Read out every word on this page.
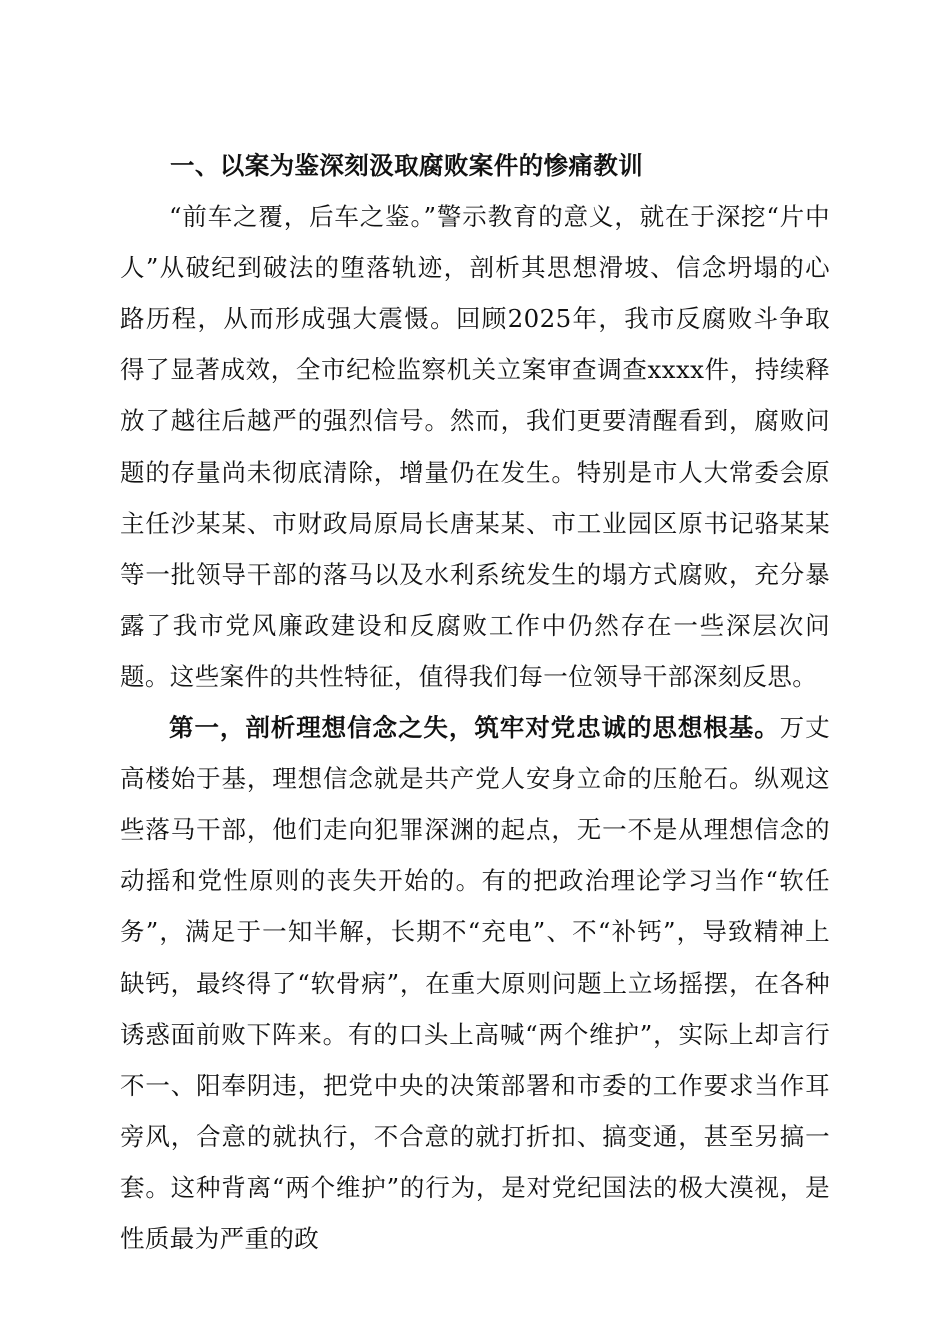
一、以案为鉴深刻汲取腐败案件的惨痛教训

“前车之覆，后车之鉴。”警示教育的意义，就在于深挖“片中人”从破纪到破法的堕落轨迹，剖析其思想滑坡、信念坍塌的心路历程，从而形成强大震慑。回顾2025年，我市反腐败斗争取得了显著成效，全市纪检监察机关立案审查调查xxxx件，持续释放了越往后越严的强烈信号。然而，我们更要清醒看到，腐败问题的存量尚未彻底清除，增量仍在发生。特别是市人大常委会原主任沙某某、市财政局原局长唐某某、市工业园区原书记骆某某等一批领导干部的落马以及水利系统发生的塌方式腐败，充分暴露了我市党风廉政建设和反腐败工作中仍然存在一些深层次问题。这些案件的共性特征，值得我们每一位领导干部深刻反思。

第一，剖析理想信念之失，筑牢对党忠诚的思想根基。万丈高楼始于基，理想信念就是共产党人安身立命的压舱石。纵观这些落马干部，他们走向犯罪深渊的起点，无一不是从理想信念的动摇和党性原则的丧失开始的。有的把政治理论学习当作“软任务”，满足于一知半解，长期不“充电”、不“补钙”，导致精神上缺钙，最终得了“软骨病”，在重大原则问题上立场摇摆，在各种诱惑面前败下阵来。有的口头上高喊“两个维护”，实际上却言行不一、阳奉阴违，把党中央的决策部署和市委的工作要求当作耳旁风，合意的就执行，不合意的就打折扣、搞变通，甚至另搞一套。这种背离“两个维护”的行为，是对党纪国法的极大漠视，是性质最为严重的政
